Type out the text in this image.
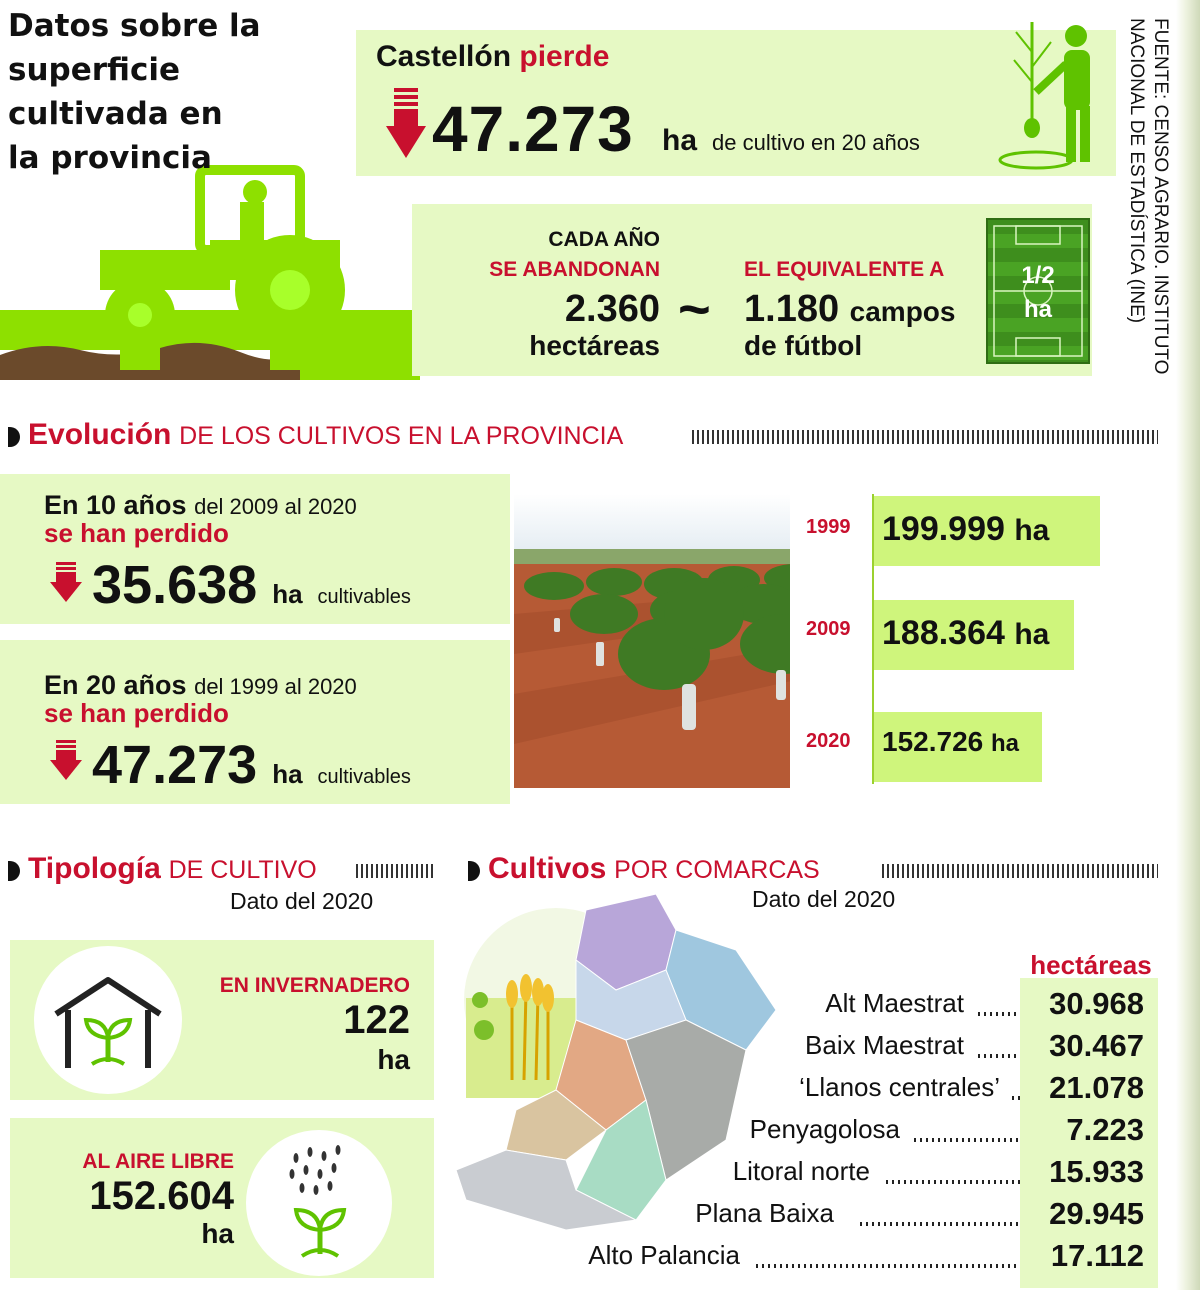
Datos sobre la
superficie
cultivada en
la provincia
Castellón pierde
47.273 ha de cultivo en 20 años
CADA AÑO
SE ABANDONAN
2.360
hectáreas
~
EL EQUIVALENTE A
1.180 campos
de fútbol
1/2
ha	FUENTE: CENSO AGRARIO. INSTITUTO NACIONAL DE ESTADÍSTICA (INE)
Evolución DE LOS CULTIVOS EN LA PROVINCIA
En 10 años del 2009 al 2020
se han perdido
35.638 ha cultivables
En 20 años del 1999 al 2020
se han perdido
47.273 ha cultivables
1999 199.999 ha
2009 188.364 ha
2020 152.726 ha
Tipología DE CULTIVO
Dato del 2020
EN INVERNADERO
122
ha
AL AIRE LIBRE
152.604
ha
Cultivos POR COMARCAS
Dato del 2020
hectáreas
Alt Maestrat	30.968
Baix Maestrat	30.467
‘Llanos centrales’	21.078
Penyagolosa	7.223
Litoral norte	15.933
Plana Baixa	29.945
Alto Palancia	17.112
